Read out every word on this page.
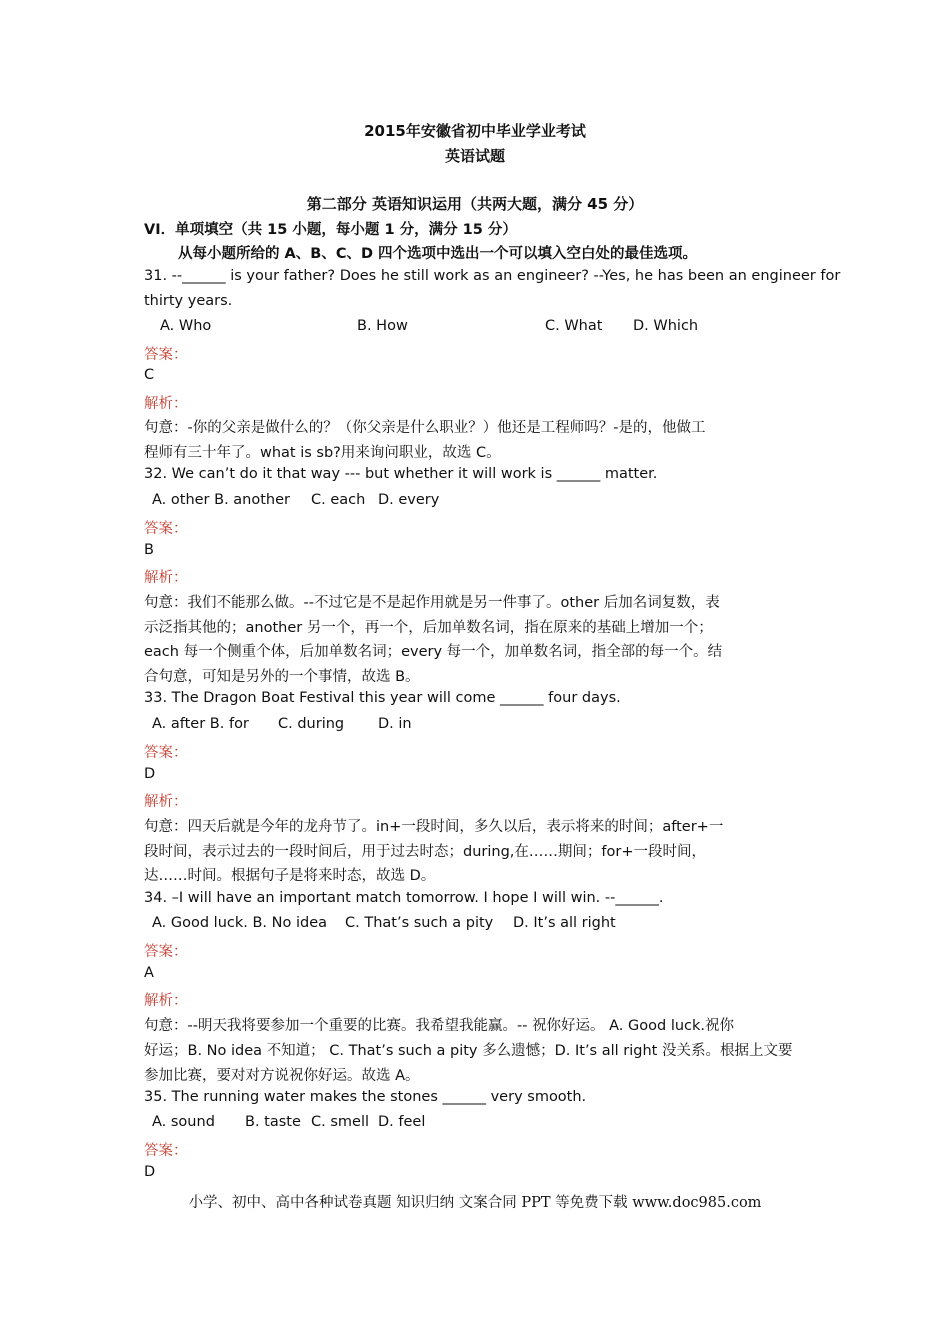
2015年安徽省初中毕业学业考试
英语试题
第二部分 英语知识运用（共两大题，满分 45 分）
VI．单项填空（共 15 小题，每小题 1 分，满分 15 分）
从每小题所给的 A、B、C、D 四个选项中选出一个可以填入空白处的最佳选项。
31. --______ is your father? Does he still work as an engineer? --Yes, he has been an engineer for
thirty years.
A. Who	B. How	C. What D. Which
答案：
C
解析：
句意：-你的父亲是做什么的？（你父亲是什么职业？）他还是工程师吗？-是的，他做工
程师有三十年了。what is sb?用来询问职业，故选 C。
32. We can’t do it that way --- but whether it will work is ______ matter.
A. other B. another C. each D. every
答案：
B
解析：
句意：我们不能那么做。--不过它是不是起作用就是另一件事了。other 后加名词复数，表
示泛指其他的；another 另一个，再一个，后加单数名词，指在原来的基础上增加一个；
each 每一个侧重个体，后加单数名词；every 每一个，加单数名词，指全部的每一个。结
合句意，可知是另外的一个事情，故选 B。
33. The Dragon Boat Festival this year will come ______ four days.
A. after B. for C. during D. in
答案：
D
解析：
句意：四天后就是今年的龙舟节了。in+一段时间，多久以后，表示将来的时间；after+一
段时间，表示过去的一段时间后，用于过去时态；during,在……期间；for+一段时间，
达……时间。根据句子是将来时态，故选 D。
34. –I will have an important match tomorrow. I hope I will win. --______.
A. Good luck. B. No idea C. That’s such a pity D. It’s all right
答案：
A
解析：
句意：--明天我将要参加一个重要的比赛。我希望我能赢。-- 祝你好运。 A. Good luck.祝你
好运；B. No idea 不知道； C. That’s such a pity 多么遗憾；D. It’s all right 没关系。根据上文要
参加比赛，要对对方说祝你好运。故选 A。
35. The running water makes the stones ______ very smooth.
A. sound B. taste C. smell D. feel
答案：
D
小学、初中、高中各种试卷真题 知识归纳 文案合同 PPT 等免费下载 www.doc985.com
